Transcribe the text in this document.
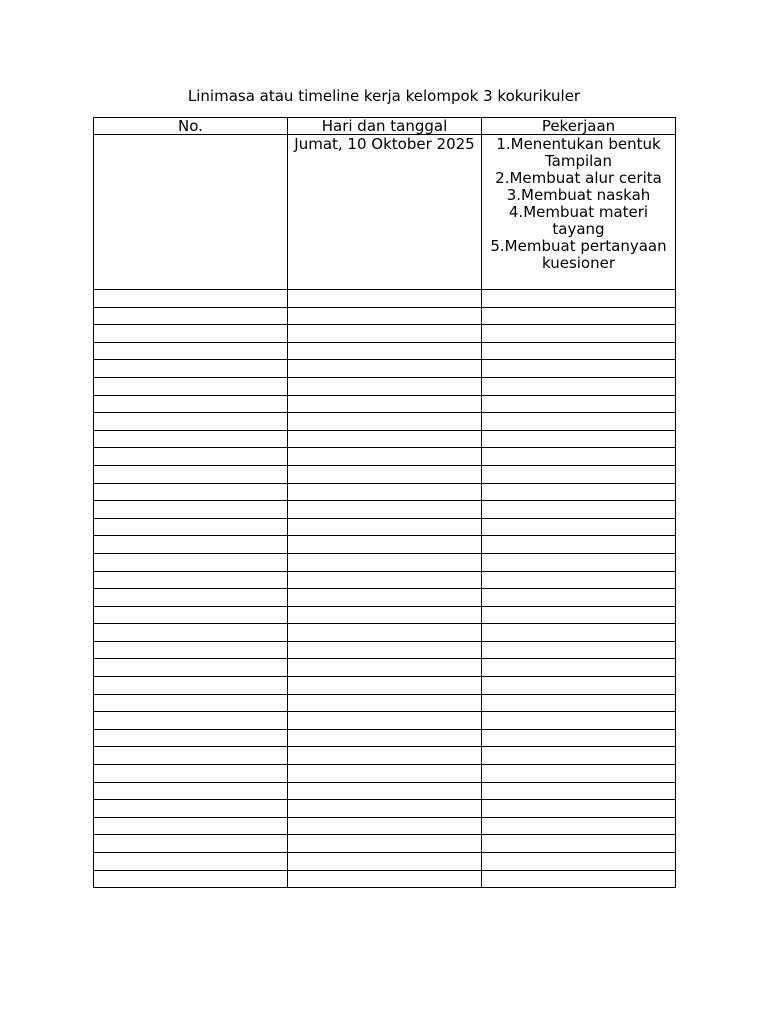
Linimasa atau timeline kerja kelompok 3 kokurikuler
No.	Hari dan tanggal	Pekerjaan
	Jumat, 10 Oktober 2025	1.Menentukan bentuk Tampilan
2.Membuat alur cerita
3.Membuat naskah
4.Membuat materi tayang
5.Membuat pertanyaan kuesioner
